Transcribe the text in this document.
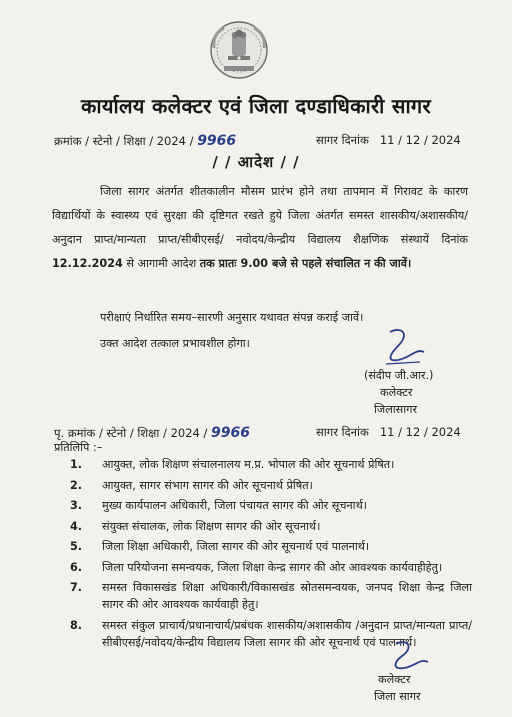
कार्यालय कलेक्टर एवं जिला दण्डाधिकारी सागर
क्रमांक / स्टेनो / शिक्षा / 2024 / 9966	सागर दिनांक 11 / 12 / 2024
/ / आदेश / /
जिला सागर अंतर्गत शीतकालीन मौसम प्रारंभ होने तथा तापमान में गिरावट के कारण विद्यार्थियों के स्वास्थ्य एवं सुरक्षा की दृष्टिगत रखते हुये जिला अंतर्गत समस्त शासकीय/अशासकीय/अनुदान प्राप्त/मान्यता प्राप्त/सीबीएसई/ नवोदय/केन्द्रीय विद्यालय शैक्षणिक संस्थायें दिनांक 12.12.2024 से आगामी आदेश तक प्रातः 9.00 बजे से पहले संचालित न की जावें।
परीक्षाएं निर्धारित समय–सारणी अनुसार यथावत संपन्न कराई जावें।
उक्त आदेश तत्काल प्रभावशील होगा।
(संदीप जी.आर.)
कलेक्टर
जिलासागर
पृ. क्रमांक / स्टेनो / शिक्षा / 2024 / 9966	सागर दिनांक 11 / 12 / 2024
प्रतिलिपि :–
1.	आयुक्त, लोक शिक्षण संचालनालय म.प्र. भोपाल की ओर सूचनार्थ प्रेषित।
2.	आयुक्त, सागर संभाग सागर की ओर सूचनार्थ प्रेषित।
3.	मुख्य कार्यपालन अधिकारी, जिला पंचायत सागर की ओर सूचनार्थ।
4.	संयुक्त संचालक, लोक शिक्षण सागर की ओर सूचनार्थ।
5.	जिला शिक्षा अधिकारी, जिला सागर की ओर सूचनार्थ एवं पालनार्थ।
6.	जिला परियोजना समन्वयक, जिला शिक्षा केन्द्र सागर की ओर आवश्यक कार्यवाहीहेतु।
7.	समस्त विकासखंड शिक्षा अधिकारी/विकासखंड स्रोतसमन्वयक, जनपद शिक्षा केन्द्र जिला सागर की ओर आवश्यक कार्यवाही हेतु।
8.	समस्त संकुल प्राचार्य/प्रधानाचार्य/प्रबंधक शासकीय/अशासकीय /अनुदान प्राप्त/मान्यता प्राप्त/सीबीएसई/नवोदय/केन्द्रीय विद्यालय जिला सागर की ओर सूचनार्थ एवं पालनार्थ।
कलेक्टर
जिला सागर
